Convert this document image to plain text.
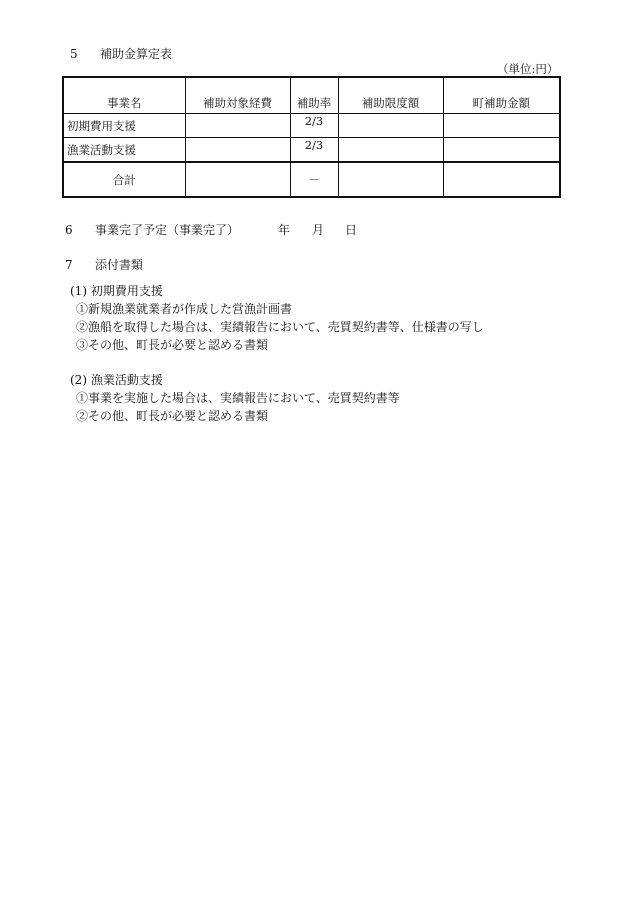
5 補助金算定表
（単位:円）
事業名	補助対象経費	補助率	補助限度額	町補助金額
初期費用支援		2/3		
漁業活動支援		2/3		
合計		－		
6 事業完了予定（事業完了）	年 月 日
7 添付書類
(1) 初期費用支援
①新規漁業就業者が作成した営漁計画書
②漁船を取得した場合は、実績報告において、売買契約書等、仕様書の写し
③その他、町長が必要と認める書類
(2) 漁業活動支援
①事業を実施した場合は、実績報告において、売買契約書等
②その他、町長が必要と認める書類
